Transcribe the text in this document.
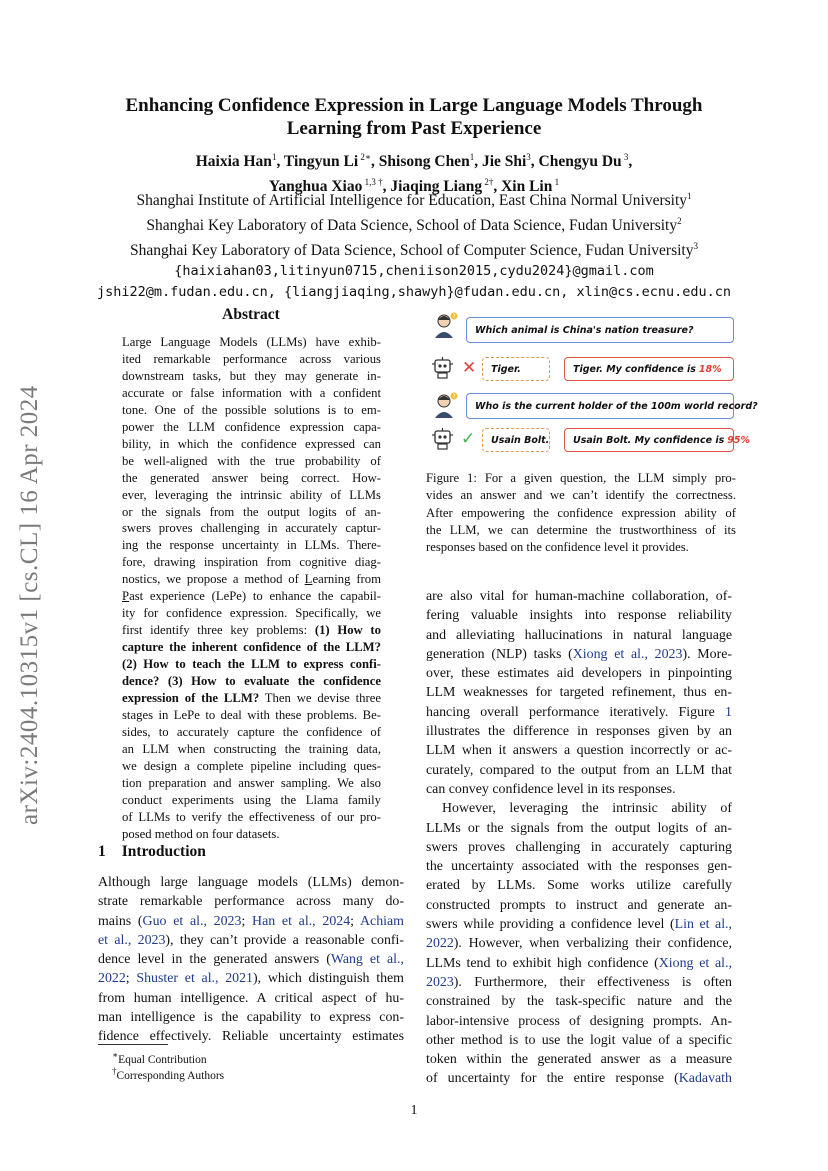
arXiv:2404.10315v1 [cs.CL] 16 Apr 2024
Enhancing Confidence Expression in Large Language Models Through
Learning from Past Experience
Haixia Han$^1$, Tingyun Li $^{2∗}$, Shisong Chen$^1$, Jie Shi$^3$, Chengyu Du $^3$,
Yanghua Xiao $^{1,3 \dagger}$, Jiaqing Liang $^{2\dagger}$, Xin Lin $^1$
Shanghai Institute of Artificial Intelligence for Education, East China Normal University$^1$
Shanghai Key Laboratory of Data Science, School of Data Science, Fudan University$^2$
Shanghai Key Laboratory of Data Science, School of Computer Science, Fudan University$^3$
{haixiahan03,litinyun0715,cheniison2015,cydu2024}@gmail.com
jshi22@m.fudan.edu.cn, {liangjiaqing,shawyh}@fudan.edu.cn, xlin@cs.ecnu.edu.cn
Abstract
Large Language Models (LLMs) have exhib-
ited remarkable performance across various
downstream tasks, but they may generate in-
accurate or false information with a confident
tone. One of the possible solutions is to em-
power the LLM confidence expression capa-
bility, in which the confidence expressed can
be well-aligned with the true probability of
the generated answer being correct. How-
ever, leveraging the intrinsic ability of LLMs
or the signals from the output logits of an-
swers proves challenging in accurately captur-
ing the response uncertainty in LLMs. There-
fore, drawing inspiration from cognitive diag-
nostics, we propose a method of Learning from
Past experience (LePe) to enhance the capabil-
ity for confidence expression. Specifically, we
first identify three key problems: (1) How to
capture the inherent confidence of the LLM?
(2) How to teach the LLM to express confi-
dence? (3) How to evaluate the confidence
expression of the LLM? Then we devise three
stages in LePe to deal with these problems. Be-
sides, to accurately capture the confidence of
an LLM when constructing the training data,
we design a complete pipeline including ques-
tion preparation and answer sampling. We also
conduct experiments using the Llama family
of LLMs to verify the effectiveness of our pro-
posed method on four datasets.
1 Introduction
Although large language models (LLMs) demon-
strate remarkable performance across many do-
mains (Guo et al., 2023; Han et al., 2024; Achiam
et al., 2023), they can’t provide a reasonable confi-
dence level in the generated answers (Wang et al.,
2022; Shuster et al., 2021), which distinguish them
from human intelligence. A critical aspect of hu-
man intelligence is the capability to express con-
fidence effectively. Reliable uncertainty estimates
∗Equal Contribution
†Corresponding Authors
?
Which animal is China's nation treasure?
✕	Tiger.	Tiger. My confidence is 18%
?
Who is the current holder of the 100m world record?
✓	Usain Bolt. Usain Bolt. My confidence is 95%
Figure 1: For a given question, the LLM simply pro-
vides an answer and we can’t identify the correctness.
After empowering the confidence expression ability of
the LLM, we can determine the trustworthiness of its
responses based on the confidence level it provides.
are also vital for human-machine collaboration, of-
fering valuable insights into response reliability
and alleviating hallucinations in natural language
generation (NLP) tasks (Xiong et al., 2023). More-
over, these estimates aid developers in pinpointing
LLM weaknesses for targeted refinement, thus en-
hancing overall performance iteratively. Figure 1
illustrates the difference in responses given by an
LLM when it answers a question incorrectly or ac-
curately, compared to the output from an LLM that
can convey confidence level in its responses.
However, leveraging the intrinsic ability of
LLMs or the signals from the output logits of an-
swers proves challenging in accurately capturing
the uncertainty associated with the responses gen-
erated by LLMs. Some works utilize carefully
constructed prompts to instruct and generate an-
swers while providing a confidence level (Lin et al.,
2022). However, when verbalizing their confidence,
LLMs tend to exhibit high confidence (Xiong et al.,
2023). Furthermore, their effectiveness is often
constrained by the task-specific nature and the
labor-intensive process of designing prompts. An-
other method is to use the logit value of a specific
token within the generated answer as a measure
of uncertainty for the entire response (Kadavath
1
